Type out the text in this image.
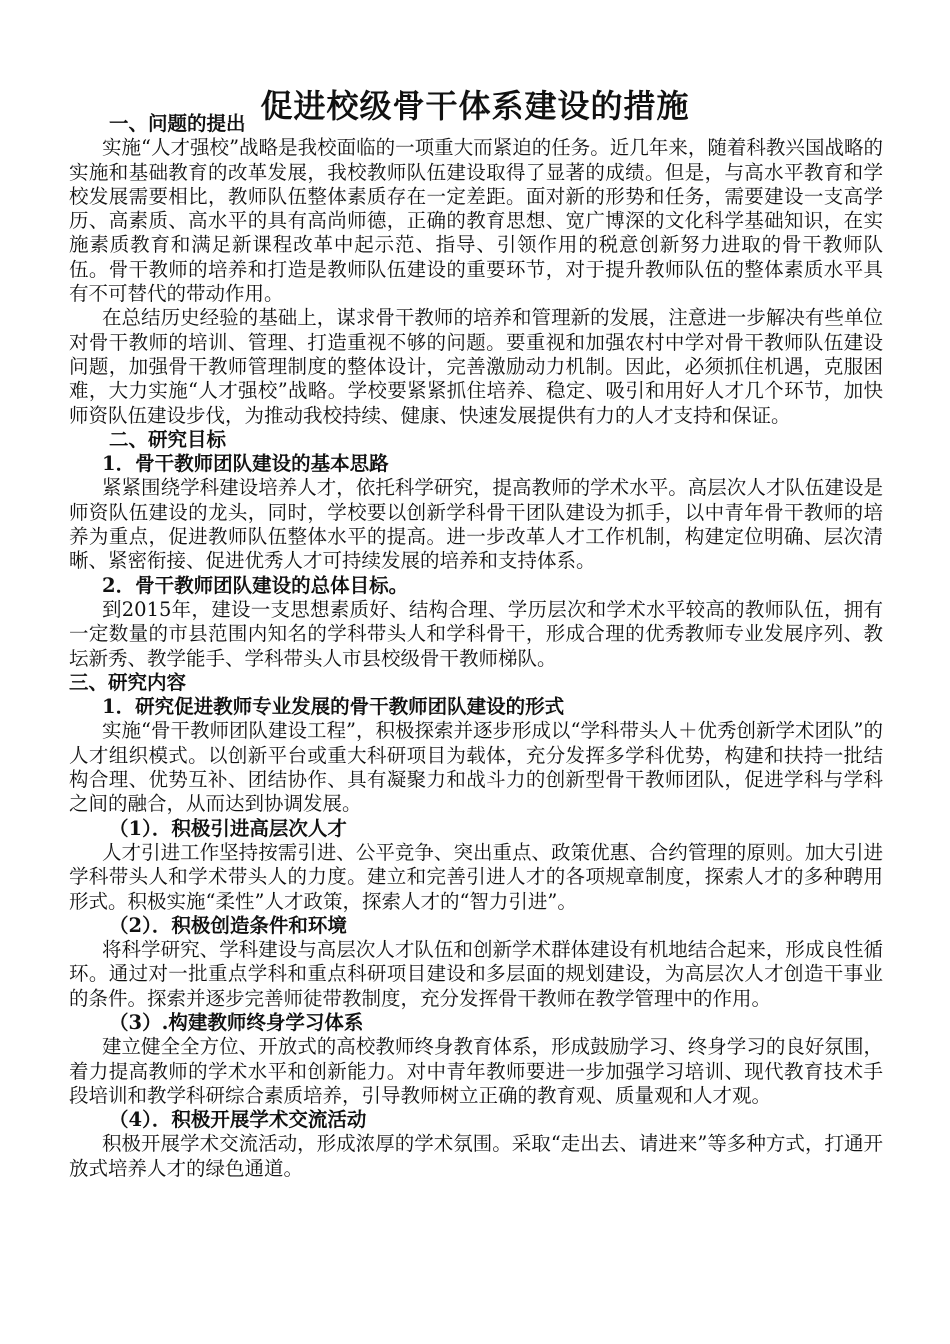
促进校级骨干体系建设的措施

一、问题的提出

实施“人才强校”战略是我校面临的一项重大而紧迫的任务。近几年来，随着科教兴国战略的实施和基础教育的改革发展，我校教师队伍建设取得了显著的成绩。但是，与高水平教育和学校发展需要相比，教师队伍整体素质存在一定差距。面对新的形势和任务，需要建设一支高学历、高素质、高水平的具有高尚师德，正确的教育思想、宽广博深的文化科学基础知识，在实施素质教育和满足新课程改革中起示范、指导、引领作用的税意创新努力进取的骨干教师队伍。骨干教师的培养和打造是教师队伍建设的重要环节，对于提升教师队伍的整体素质水平具有不可替代的带动作用。

在总结历史经验的基础上，谋求骨干教师的培养和管理新的发展，注意进一步解决有些单位对骨干教师的培训、管理、打造重视不够的问题。要重视和加强农村中学对骨干教师队伍建设问题，加强骨干教师管理制度的整体设计，完善激励动力机制。因此，必须抓住机遇，克服困难，大力实施“人才强校”战略。学校要紧紧抓住培养、稳定、吸引和用好人才几个环节，加快师资队伍建设步伐，为推动我校持续、健康、快速发展提供有力的人才支持和保证。

二、研究目标

1．骨干教师团队建设的基本思路

紧紧围绕学科建设培养人才，依托科学研究，提高教师的学术水平。高层次人才队伍建设是师资队伍建设的龙头，同时，学校要以创新学科骨干团队建设为抓手，以中青年骨干教师的培养为重点，促进教师队伍整体水平的提高。进一步改革人才工作机制，构建定位明确、层次清晰、紧密衔接、促进优秀人才可持续发展的培养和支持体系。

2．骨干教师团队建设的总体目标。

到2015年，建设一支思想素质好、结构合理、学历层次和学术水平较高的教师队伍，拥有一定数量的市县范围内知名的学科带头人和学科骨干，形成合理的优秀教师专业发展序列、教坛新秀、教学能手、学科带头人市县校级骨干教师梯队。

三、研究内容

1．研究促进教师专业发展的骨干教师团队建设的形式

实施“骨干教师团队建设工程”，积极探索并逐步形成以“学科带头人＋优秀创新学术团队”的人才组织模式。以创新平台或重大科研项目为载体，充分发挥多学科优势，构建和扶持一批结构合理、优势互补、团结协作、具有凝聚力和战斗力的创新型骨干教师团队，促进学科与学科之间的融合，从而达到协调发展。

（1）．积极引进高层次人才

人才引进工作坚持按需引进、公平竞争、突出重点、政策优惠、合约管理的原则。加大引进学科带头人和学术带头人的力度。建立和完善引进人才的各项规章制度，探索人才的多种聘用形式。积极实施“柔性”人才政策，探索人才的“智力引进”。

（2）．积极创造条件和环境

将科学研究、学科建设与高层次人才队伍和创新学术群体建设有机地结合起来，形成良性循环。通过对一批重点学科和重点科研项目建设和多层面的规划建设，为高层次人才创造干事业的条件。探索并逐步完善师徒带教制度，充分发挥骨干教师在教学管理中的作用。

（3）.构建教师终身学习体系

建立健全全方位、开放式的高校教师终身教育体系，形成鼓励学习、终身学习的良好氛围，着力提高教师的学术水平和创新能力。对中青年教师要进一步加强学习培训、现代教育技术手段培训和教学科研综合素质培养，引导教师树立正确的教育观、质量观和人才观。

（4）．积极开展学术交流活动

积极开展学术交流活动，形成浓厚的学术氛围。采取“走出去、请进来”等多种方式，打通开放式培养人才的绿色通道。
